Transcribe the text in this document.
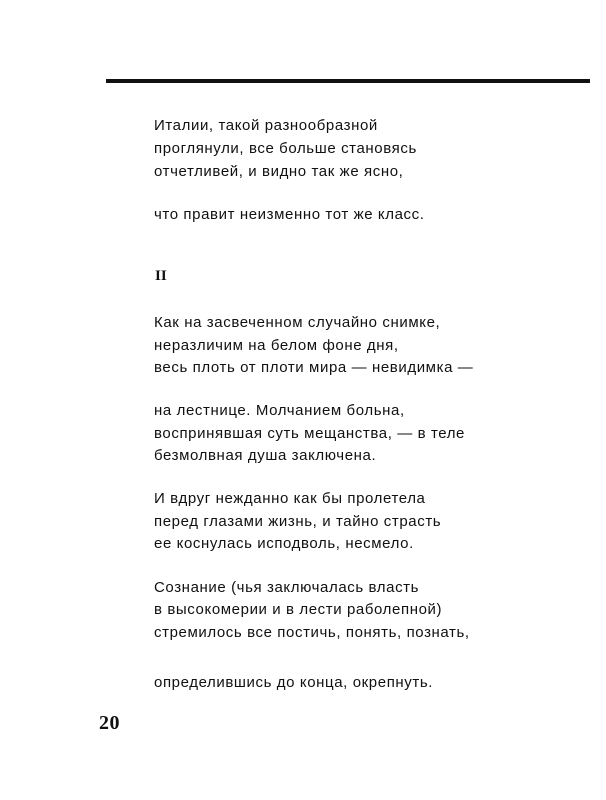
Италии, такой разнообразной
проглянули, все больше становясь
отчетливей, и видно так же ясно,
что правит неизменно тот же класс.
II
Как на засвеченном случайно снимке,
неразличим на белом фоне дня,
весь плоть от плоти мира — невидимка —
на лестнице. Молчанием больна,
воспринявшая суть мещанства, — в теле
безмолвная душа заключена.
И вдруг нежданно как бы пролетела
перед глазами жизнь, и тайно страсть
ее коснулась исподволь, несмело.
Сознание (чья заключалась власть
в высокомерии и в лести раболепной)
стремилось все постичь, понять, познать,
определившись до конца, окрепнуть.
20
